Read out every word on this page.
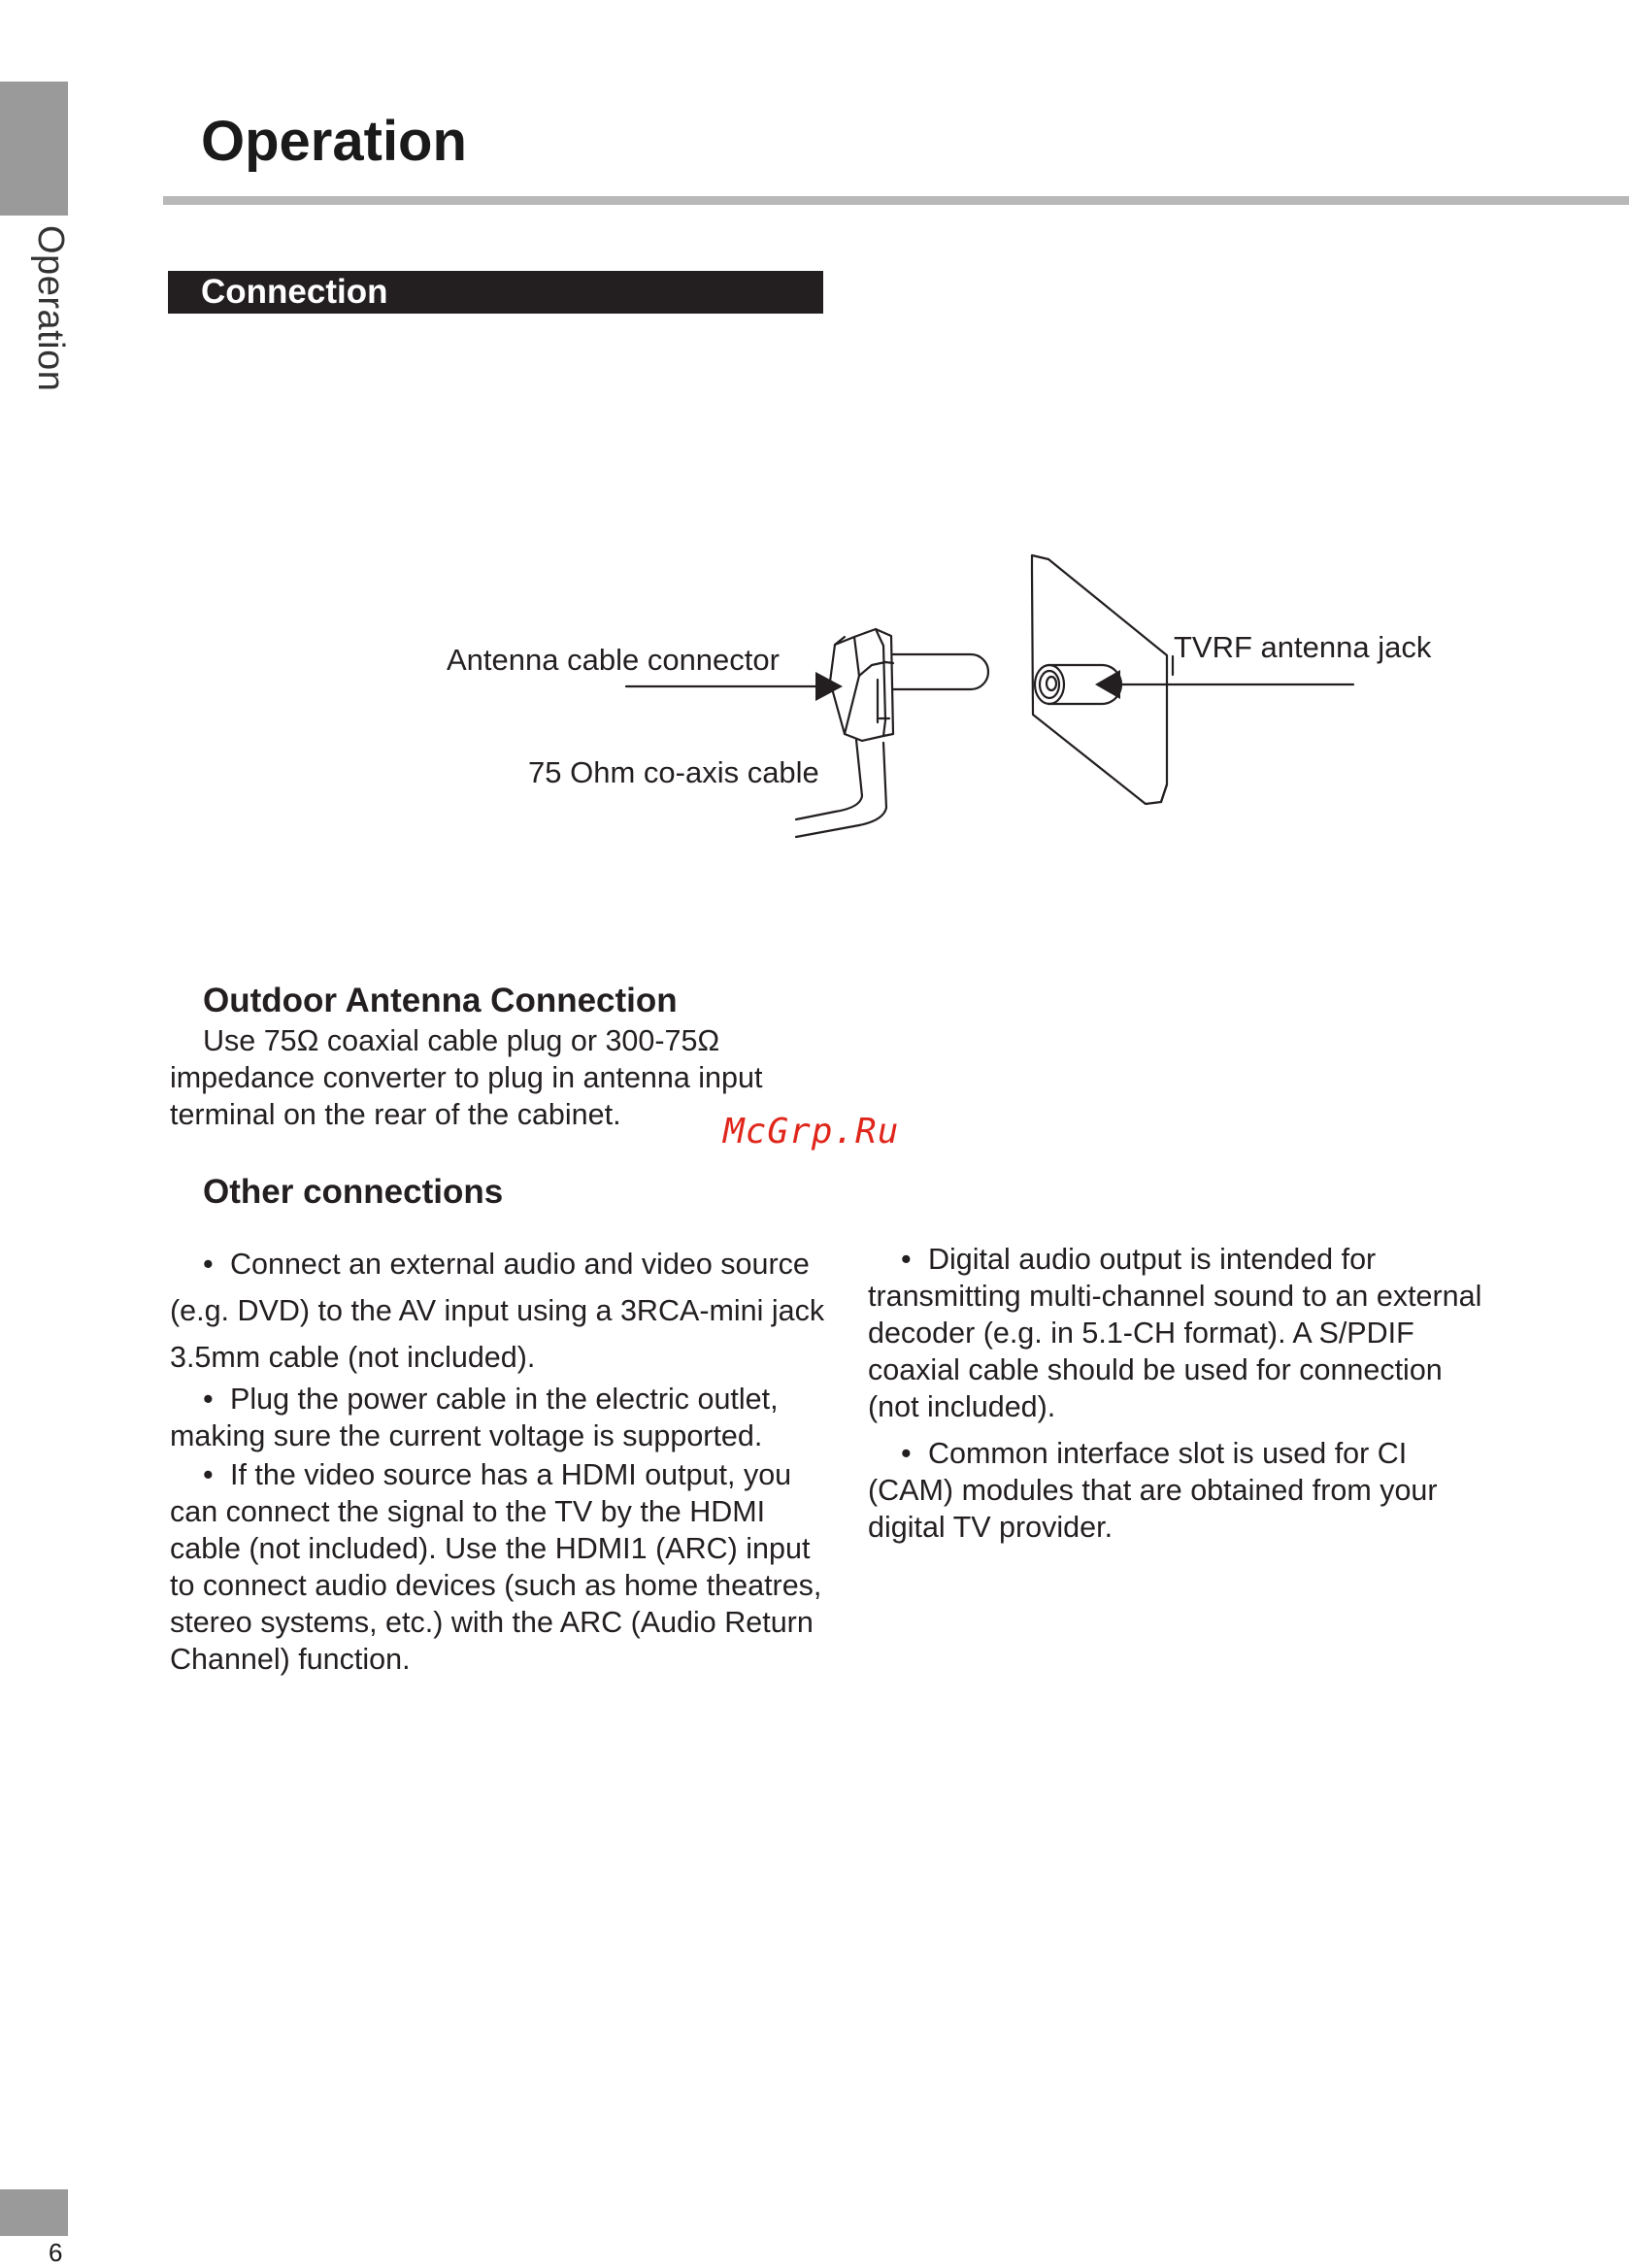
Operation
Operation
Connection
Antenna cable connector
75 Ohm co-axis cable
TVRF antenna jack
Outdoor Antenna Connection
Use 75Ω coaxial cable plug or 300-75Ω impedance converter to plug in antenna input terminal on the rear of the cabinet.	McGrp.Ru
Other connections

• Connect an external audio and video source (e.g. DVD) to the AV input using a 3RCA-mini jack 3.5mm cable (not included).

• Plug the power cable in the electric outlet, making sure the current voltage is supported.

• If the video source has a HDMI output, you can connect the signal to the TV by the HDMI cable (not included). Use the HDMI1 (ARC) input to connect audio devices (such as home theatres, stereo systems, etc.) with the ARC (Audio Return Channel) function.

• Digital audio output is intended for transmitting multi-channel sound to an external decoder (e.g. in 5.1-CH format). A S/PDIF coaxial cable should be used for connection (not included).

• Common interface slot is used for CI (CAM) modules that are obtained from your digital TV provider.

6
